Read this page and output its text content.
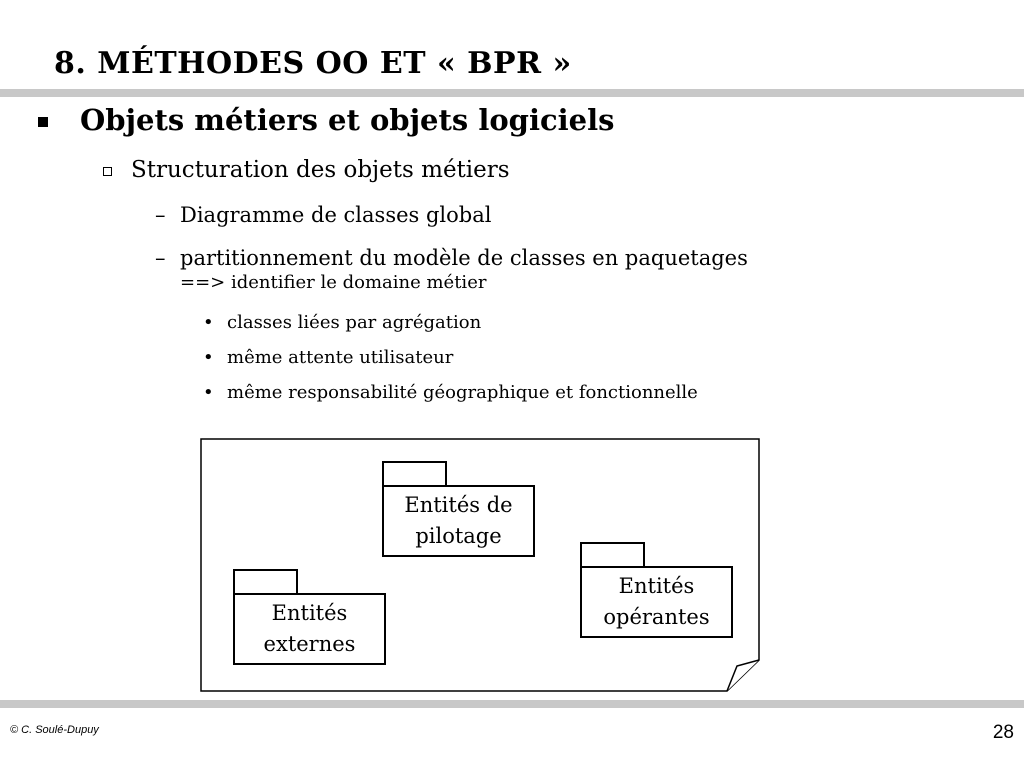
8. MÉTHODES OO ET « BPR »
Objets métiers et objets logiciels
Structuration des objets métiers
– Diagramme de classes global
– partitionnement du modèle de classes en paquetages
==> identifier le domaine métier
• classes liées par agrégation
• même attente utilisateur
• même responsabilité géographique et fonctionnelle
Entités de
pilotage
Entités
opérantes
Entités
externes
© C. Soulé-Dupuy	28
